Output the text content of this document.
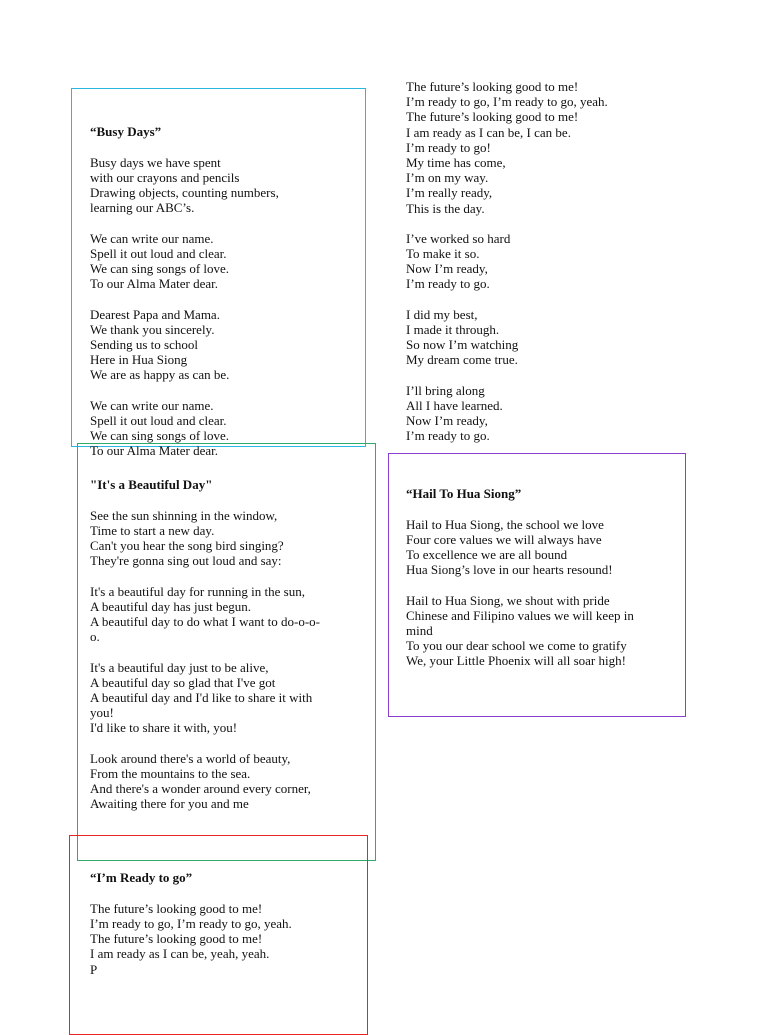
The future’s looking good to me!
I’m ready to go, I’m ready to go, yeah.
The future’s looking good to me!
I am ready as I can be, I can be.
I’m ready to go!
My time has come,
I’m on my way.
I’m really ready,
This is the day.
I’ve worked so hard
To make it so.
Now I’m ready,
I’m ready to go.
I did my best,
I made it through.
So now I’m watching
My dream come true.
I’ll bring along
All I have learned.
Now I’m ready,
I’m ready to go.

“Busy Days”

Busy days we have spent
with our crayons and pencils
Drawing objects, counting numbers,
learning our ABC’s.
We can write our name.
Spell it out loud and clear.
We can sing songs of love.
To our Alma Mater dear.
Dearest Papa and Mama.
We thank you sincerely.
Sending us to school
Here in Hua Siong
We are as happy as can be.
We can write our name.
Spell it out loud and clear.
We can sing songs of love.
To our Alma Mater dear.

"It's a Beautiful Day"

See the sun shinning in the window,
Time to start a new day.
Can't you hear the song bird singing?
They're gonna sing out loud and say:
It's a beautiful day for running in the sun,
A beautiful day has just begun.
A beautiful day to do what I want to do-o-o-
o.
It's a beautiful day just to be alive,
A beautiful day so glad that I've got
A beautiful day and I'd like to share it with
you!
I'd like to share it with, you!
Look around there's a world of beauty,
From the mountains to the sea.
And there's a wonder around every corner,
Awaiting there for you and me

“I’m Ready to go”

The future’s looking good to me!
I’m ready to go, I’m ready to go, yeah.
The future’s looking good to me!
I am ready as I can be, yeah, yeah.
P

“Hail To Hua Siong”

Hail to Hua Siong, the school we love
Four core values we will always have
To excellence we are all bound
Hua Siong’s love in our hearts resound!
Hail to Hua Siong, we shout with pride
Chinese and Filipino values we will keep in
mind
To you our dear school we come to gratify
We, your Little Phoenix will all soar high!
